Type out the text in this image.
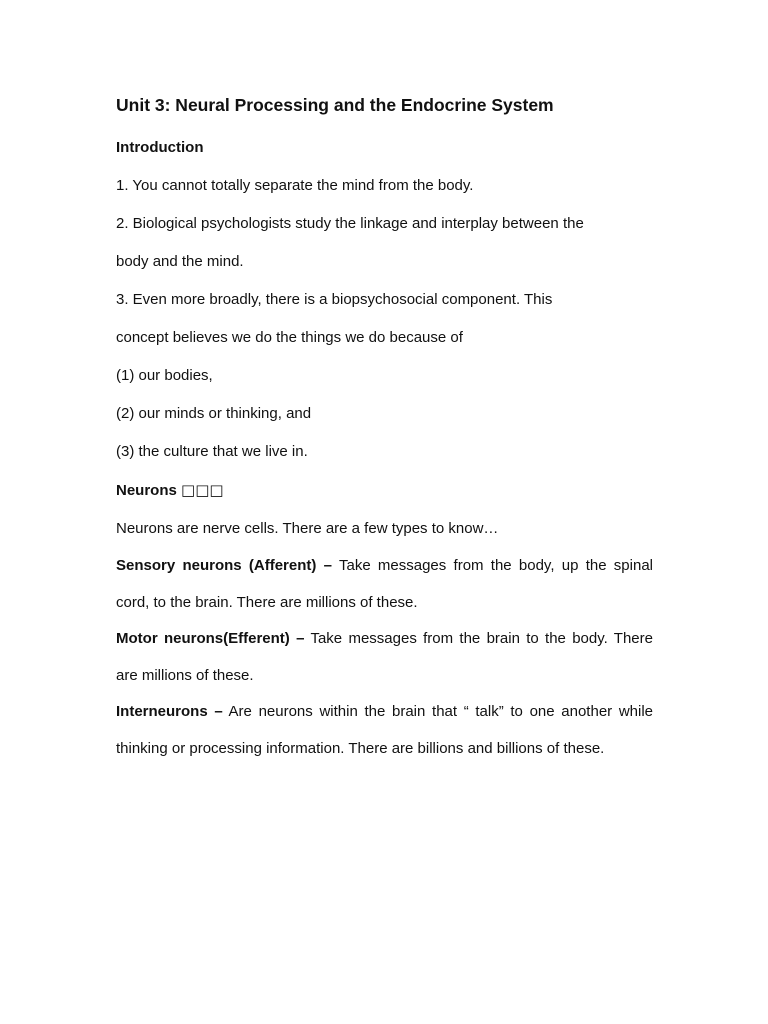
Unit 3: Neural Processing and the Endocrine System
Introduction
1. You cannot totally separate the mind from the body.
2. Biological psychologists study the linkage and interplay between the
body and the mind.
3. Even more broadly, there is a biopsychosocial component. This
concept believes we do the things we do because of
(1) our bodies,
(2) our minds or thinking, and
(3) the culture that we live in.
Neurons □□□
Neurons are nerve cells. There are a few types to know…
Sensory neurons (Afferent) – Take messages from the body, up the spinal cord, to the brain. There are millions of these.
Motor neurons(Efferent) – Take messages from the brain to the body. There are millions of these.
Interneurons – Are neurons within the brain that “ talk” to one another while thinking or processing information. There are billions and billions of these.
